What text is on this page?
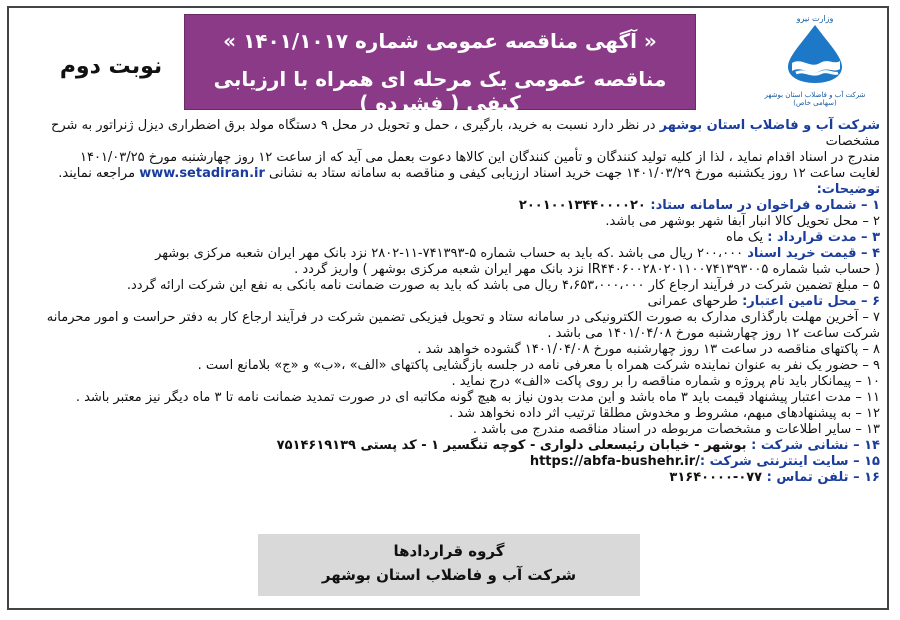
وزارت نیرو
شرکت آب و فاضلاب استان بوشهر (سهامی خاص)
« آگهی مناقصه عمومی شماره ۱۴۰۱/۱۰۱۷ »
مناقصه عمومی یک مرحله ای همراه با ارزیابی کیفی ( فشرده )
نوبت دوم

شرکت آب و فاضلاب استان بوشهر در نظر دارد نسبت به خرید، بارگیری ، حمل و تحویل در محل ۹ دستگاه مولد برق اضطراری دیزل ژنراتور به شرح مشخصات

مندرج در اسناد اقدام نماید ، لذا از کلیه تولید کنندگان و تأمین کنندگان این کالاها دعوت بعمل می آید که از ساعت ۱۲ روز چهارشنبه مورخ ۱۴۰۱/۰۳/۲۵

لغایت ساعت ۱۲ روز یکشنبه مورخ ۱۴۰۱/۰۳/۲۹ جهت خرید اسناد ارزیابی کیفی و مناقصه به سامانه ستاد به نشانی www.setadiran.ir مراجعه نمایند.

توضیحات:

۱ – شماره فراخوان در سامانه ستاد: ۲۰۰۱۰۰۱۳۴۴۰۰۰۰۲۰

۲ – محل تحویل کالا انبار آبفا شهر بوشهر می باشد.

۳ – مدت قرارداد : یک ماه

۴ – قیمت خرید اسناد ۲۰۰،۰۰۰ ریال می باشد .که باید به حساب شماره ۵-۷۴۱۳۹۳-۱۱-۲۸۰۲ نزد بانک مهر ایران شعبه مرکزی بوشهر

( حساب شبا شماره IR۴۴۰۶۰۰۲۸۰۲۰۱۱۰۰۷۴۱۳۹۳۰۰۵ نزد بانک مهر ایران شعبه مرکزی بوشهر ) واریز گردد .

۵ – مبلغ تضمین شرکت در فرآیند ارجاع کار ۴،۶۵۳،۰۰۰،۰۰۰ ریال می باشد که باید به صورت ضمانت نامه بانکی به نفع این شرکت ارائه گردد.

۶ – محل تامین اعتبار: طرحهای عمرانی

۷ – آخرین مهلت بارگذاری مدارک به صورت الکترونیکی در سامانه ستاد و تحویل فیزیکی تضمین شرکت در فرآیند ارجاع کار به دفتر حراست و امور محرمانه

شرکت ساعت ۱۲ روز چهارشنبه مورخ ۱۴۰۱/۰۴/۰۸ می باشد .

۸ – پاکتهای مناقصه در ساعت ۱۳ روز چهارشنبه مورخ ۱۴۰۱/۰۴/۰۸ گشوده خواهد شد .

۹ – حضور یک نفر به عنوان نماینده شرکت همراه با معرفی نامه در جلسه بازگشایی پاکتهای «الف» ،«ب» و «ج» بلامانع است .

۱۰ – پیمانکار باید نام پروژه و شماره مناقصه را بر روی پاکت «الف» درج نماید .

۱۱ – مدت اعتبار پیشنهاد قیمت باید ۳ ماه باشد و این مدت بدون نیاز به هیچ گونه مکاتبه ای در صورت تمدید ضمانت نامه تا ۳ ماه دیگر نیز معتبر باشد .

۱۲ – به پیشنهادهای مبهم، مشروط و مخدوش مطلقا ترتیب اثر داده نخواهد شد .

۱۳ – سایر اطلاعات و مشخصات مربوطه در اسناد مناقصه مندرج می باشد .

۱۴ – نشانی شرکت : بوشهر - خیابان رئیسعلی دلواری - کوچه تنگسیر ۱ - کد پستی ۷۵۱۴۶۱۹۱۳۹

۱۵ – سایت اینترنتی شرکت : https://abfa-bushehr.ir/

۱۶ – تلفن تماس : ۰۷۷-۳۱۶۴۰۰۰۰

گروه قراردادها
شرکت آب و فاضلاب استان بوشهر
